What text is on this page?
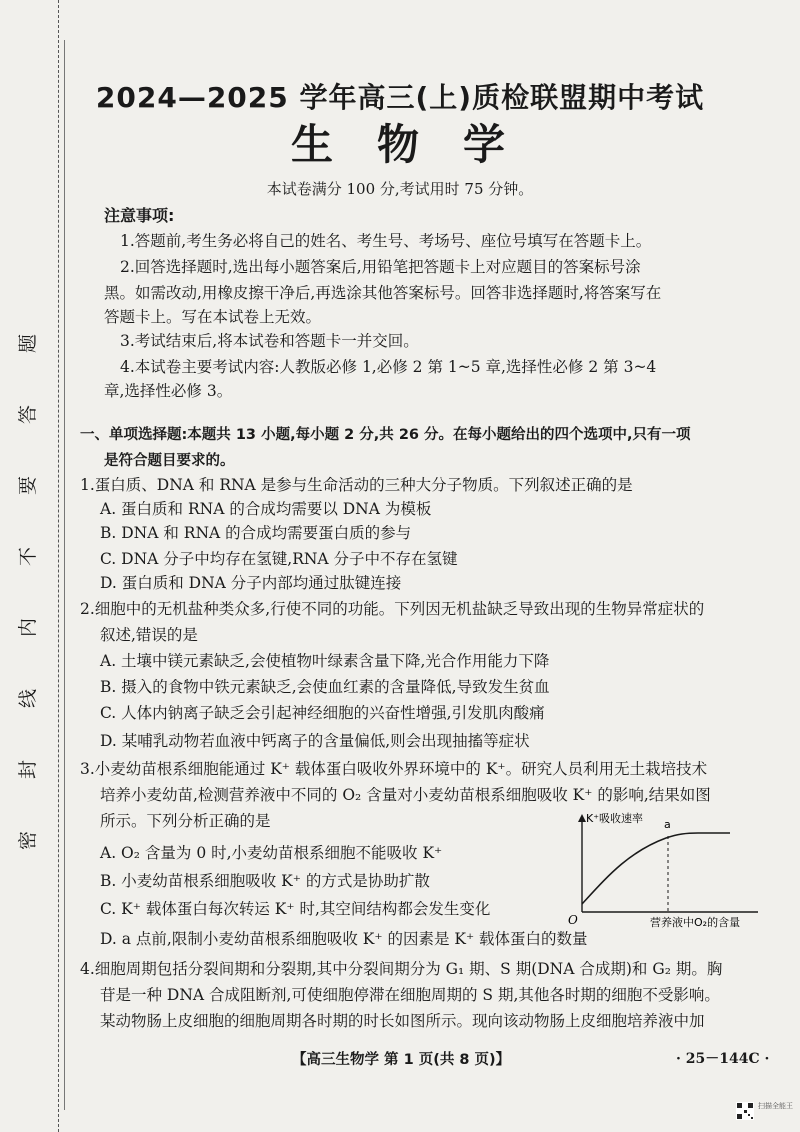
题
答
要
不
内
线
封
密
2024—2025 学年高三(上)质检联盟期中考试
生物学
本试卷满分 100 分,考试用时 75 分钟。
注意事项:
1.答题前,考生务必将自己的姓名、考生号、考场号、座位号填写在答题卡上。
2.回答选择题时,选出每小题答案后,用铅笔把答题卡上对应题目的答案标号涂
黑。如需改动,用橡皮擦干净后,再选涂其他答案标号。回答非选择题时,将答案写在
答题卡上。写在本试卷上无效。
3.考试结束后,将本试卷和答题卡一并交回。
4.本试卷主要考试内容:人教版必修 1,必修 2 第 1~5 章,选择性必修 2 第 3~4
章,选择性必修 3。
一、单项选择题:本题共 13 小题,每小题 2 分,共 26 分。在每小题给出的四个选项中,只有一项
是符合题目要求的。
1.蛋白质、DNA 和 RNA 是参与生命活动的三种大分子物质。下列叙述正确的是
A. 蛋白质和 RNA 的合成均需要以 DNA 为模板
B. DNA 和 RNA 的合成均需要蛋白质的参与
C. DNA 分子中均存在氢键,RNA 分子中不存在氢键
D. 蛋白质和 DNA 分子内部均通过肽键连接
2.细胞中的无机盐种类众多,行使不同的功能。下列因无机盐缺乏导致出现的生物异常症状的
叙述,错误的是
A. 土壤中镁元素缺乏,会使植物叶绿素含量下降,光合作用能力下降
B. 摄入的食物中铁元素缺乏,会使血红素的含量降低,导致发生贫血
C. 人体内钠离子缺乏会引起神经细胞的兴奋性增强,引发肌肉酸痛
D. 某哺乳动物若血液中钙离子的含量偏低,则会出现抽搐等症状
3.小麦幼苗根系细胞能通过 K⁺ 载体蛋白吸收外界环境中的 K⁺。研究人员利用无土栽培技术
培养小麦幼苗,检测营养液中不同的 O₂ 含量对小麦幼苗根系细胞吸收 K⁺ 的影响,结果如图
所示。下列分析正确的是
A. O₂ 含量为 0 时,小麦幼苗根系细胞不能吸收 K⁺
B. 小麦幼苗根系细胞吸收 K⁺ 的方式是协助扩散
C. K⁺ 载体蛋白每次转运 K⁺ 时,其空间结构都会发生变化
D. a 点前,限制小麦幼苗根系细胞吸收 K⁺ 的因素是 K⁺ 载体蛋白的数量
K⁺吸收速率 a
O	营养液中O₂的含量
4.细胞周期包括分裂间期和分裂期,其中分裂间期分为 G₁ 期、S 期(DNA 合成期)和 G₂ 期。胸
苷是一种 DNA 合成阻断剂,可使细胞停滞在细胞周期的 S 期,其他各时期的细胞不受影响。
某动物肠上皮细胞的细胞周期各时期的时长如图所示。现向该动物肠上皮细胞培养液中加
【高三生物学 第 1 页(共 8 页)】	· 25－144C ·
扫描全能王
